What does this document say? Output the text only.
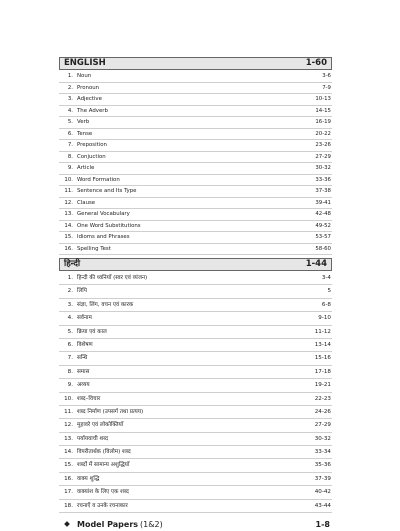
ENGLISH	1-60
1. Noun	3-6
2. Pronoun	7-9
3. Adjective	10-13
4. The Adverb	14-15
5. Verb	16-19
6. Tense	20-22
7. Preposition	23-26
8. Conjuction	27-29
9. Article	30-32
10. Word Formation	33-36
11. Sentence and Its Type	37-38
12. Clause	39-41
13. General Vocabulary	42-48
14. One Word Substitutions	49-52
15. Idioms and Phrases	53-57
16. Spelling Test	58-60
हिन्दी	1-44
1. हिन्दी की ध्वनियाँ (स्वर एवं व्यंजन)	3-4
2. लिपि	5
3. संज्ञा, लिंग, वचन एवं कारक	6-8
4. सर्वनाम	9-10
5. क्रिया एवं काल	11-12
6. विशेषण	13-14
7. सन्धि	15-16
8. समास	17-18
9. अव्यय	19-21
10. शब्द–विचार	22-23
11. शब्द निर्माण (उपसर्ग तथा प्रत्यय)	24-26
12. मुहावरे एवं लोकोक्तियाँ	27-29
13. पर्यायवाची शब्द	30-32
14. विपरीतार्थक (विलोम) शब्द	33-34
15. शब्दों में सामान्य अशुद्धियाँ	35-36
16. वाक्य शुद्धि	37-39
17. वाक्यांश के लिए एक शब्द	40-42
18. रचनाएँ व उनके रचनाकार	43-44
Model Papers (1&2)	1-8
